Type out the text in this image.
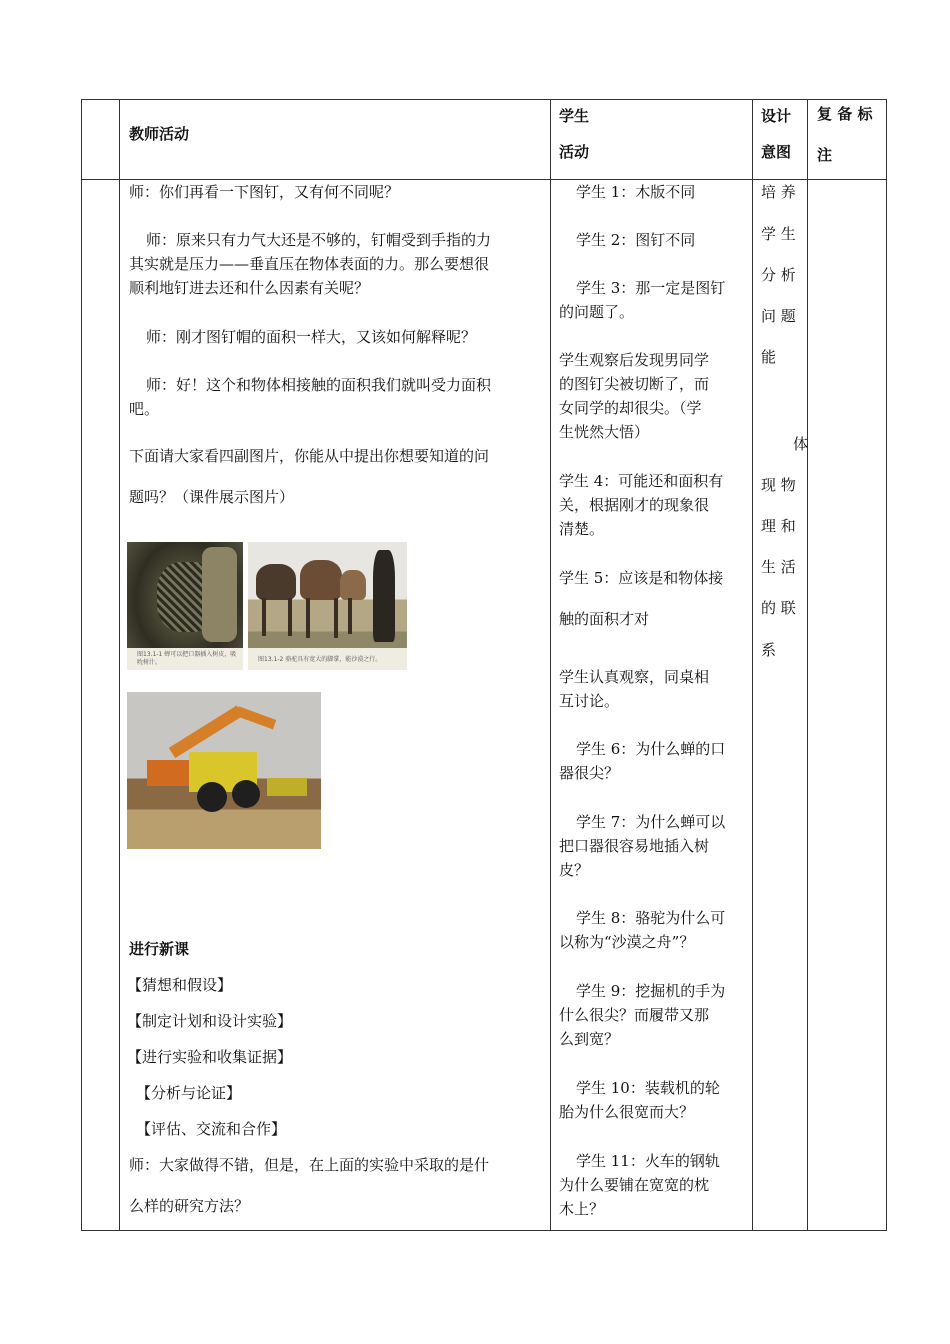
教师活动
学生
活动
设计
意图
复 备 标
注
师：你们再看一下图钉，又有何不同呢？
师：原来只有力气大还是不够的，钉帽受到手指的力
其实就是压力——垂直压在物体表面的力。那么要想很
顺利地钉进去还和什么因素有关呢？
师：刚才图钉帽的面积一样大，又该如何解释呢？
师：好！这个和物体相接触的面积我们就叫受力面积
吧。
下面请大家看四副图片，你能从中提出你想要知道的问
题吗？（课件展示图片）
图13.1-1 蝉可以把口器插入树皮，吸吮树汁。	图13.1-2 骆驼具有宽大的脚掌，能沙漠之行。
进行新课
【猜想和假设】
【制定计划和设计实验】
【进行实验和收集证据】
【分析与论证】
【评估、交流和合作】
师：大家做得不错，但是，在上面的实验中采取的是什
么样的研究方法？
学生 1：木版不同
学生 2：图钉不同
学生 3：那一定是图钉
的问题了。
学生观察后发现男同学
的图钉尖被切断了，而
女同学的却很尖。（学
生恍然大悟）
学生 4：可能还和面积有
关，根据刚才的现象很
清楚。
学生 5：应该是和物体接
触的面积才对
学生认真观察，同桌相
互讨论。
学生 6：为什么蝉的口
器很尖？
学生 7：为什么蝉可以
把口器很容易地插入树
皮？
学生 8：骆驼为什么可
以称为“沙漠之舟”？
学生 9：挖掘机的手为
什么很尖？而履带又那
么到宽？
学生 10：装载机的轮
胎为什么很宽而大？
学生 11：火车的钢轨
为什么要铺在宽宽的枕
木上？
培 养
学 生
分 析
问 题
能
体
现 物
理 和
生 活
的 联
系
